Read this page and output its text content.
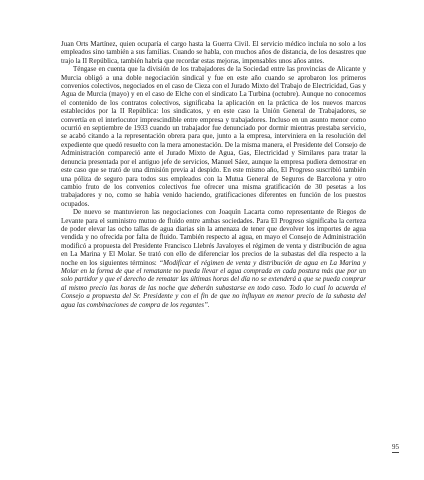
Juan Orts Martínez, quien ocuparía el cargo hasta la Guerra Civil. El servicio médico incluía no solo a los empleados sino también a sus familias. Cuando se habla, con muchos años de distancia, de los desastres que trajo la II República, también habría que recordar estas mejoras, impensables unos años antes.

Téngase en cuenta que la división de los trabajadores de la Sociedad entre las provincias de Alicante y Murcia obligó a una doble negociación sindical y fue en este año cuando se aprobaron los primeros convenios colectivos, negociados en el caso de Cieza con el Jurado Mixto del Trabajo de Electricidad, Gas y Agua de Murcia (mayo) y en el caso de Elche con el sindicato La Turbina (octubre). Aunque no conocemos el contenido de los contratos colectivos, significaba la aplicación en la práctica de los nuevos marcos establecidos por la II República: los sindicatos, y en este caso la Unión General de Trabajadores, se convertía en el interlocutor imprescindible entre empresa y trabajadores. Incluso en un asunto menor como ocurrió en septiembre de 1933 cuando un trabajador fue denunciado por dormir mientras prestaba servicio, se acabó citando a la representación obrera para que, junto a la empresa, interviniera en la resolución del expediente que quedó resuelto con la mera amonestación. De la misma manera, el Presidente del Consejo de Administración compareció ante el Jurado Mixto de Agua, Gas, Electricidad y Similares para tratar la denuncia presentada por el antiguo jefe de servicios, Manuel Sáez, aunque la empresa pudiera demostrar en este caso que se trató de una dimisión previa al despido. En este mismo año, El Progreso suscribió también una póliza de seguro para todos sus empleados con la Mutua General de Seguros de Barcelona y otro cambio fruto de los convenios colectivos fue ofrecer una misma gratificación de 30 pesetas a los trabajadores y no, como se había venido haciendo, gratificaciones diferentes en función de los puestos ocupados.

De nuevo se mantuvieron las negociaciones con Joaquín Lacarta como representante de Riegos de Levante para el suministro mutuo de fluido entre ambas sociedades. Para El Progreso significaba la certeza de poder elevar las ocho tallas de agua diarias sin la amenaza de tener que devolver los importes de agua vendida y no ofrecida por falta de fluido. También respecto al agua, en mayo el Consejo de Administración modificó a propuesta del Presidente Francisco Llebrés Javaloyes el régimen de venta y distribución de agua en La Marina y El Molar. Se trató con ello de diferenciar los precios de la subastas del día respecto a la noche en los siguientes términos: “Modificar el régimen de venta y distribución de agua en La Marina y Molar en la forma de que el rematante no pueda llevar el agua comprada en cada postura más que por un solo partidor y que el derecho de rematar las últimas horas del día no se extenderá a que se pueda comprar al mismo precio las horas de las noche que deberán subastarse en todo caso. Todo lo cual lo acuerda el Consejo a propuesta del Sr. Presidente y con el fin de que no influyan en menor precio de la subasta del agua las combinaciones de compra de los regantes”.

95
